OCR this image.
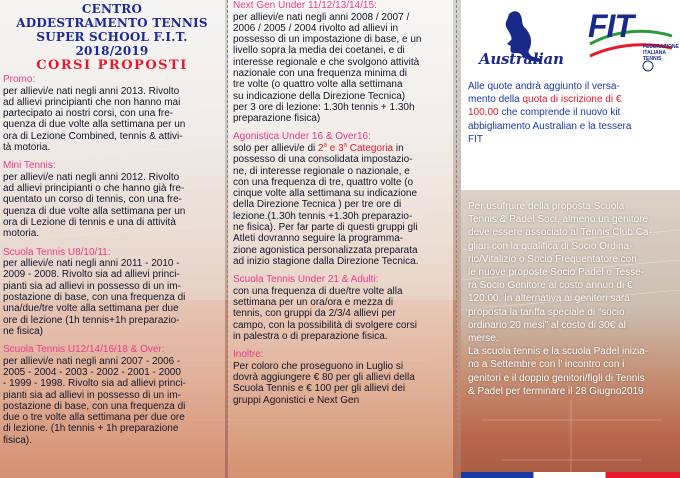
CENTRO
ADDESTRAMENTO TENNIS
SUPER SCHOOL F.I.T.
2018/2019
CORSI PROPOSTI
Promo:
per allievi/e nati negli anni 2013. Rivolto
ad allievi principianti che non hanno mai
partecipato ai nostri corsi, con una fre-
quenza di due volte alla settimana per un
ora di Lezione Combined, tennis & attivi-
tà motoria.
Mini Tennis:
per allievi/e nati negli anni 2012. Rivolto
ad allievi principianti o che hanno già fre-
quentato un corso di tennis, con una fre-
quenza di due volte alla settimana per un
ora di Lezione di tennis e una di attività
motoria.
Scuola Tennis U8/10/11:
per allievi/e nati negli anni 2011 - 2010 -
2009 - 2008. Rivolto sia ad allievi princi-
pianti sia ad allievi in possesso di un im-
postazione di base, con una frequenza di
una/due/tre volte alla settimana per due
ore di lezione (1h tennis+1h preparazio-
ne fisica)
Scuola Tennis U12/14/16/18 & Over:
per allievi/e nati negli anni 2007 - 2006 -
2005 - 2004 - 2003 - 2002 - 2001 - 2000
- 1999 - 1998. Rivolto sia ad allievi princi-
pianti sia ad allievi in possesso di un im-
postazione di base, con una frequenza di
due o tre volte alla settimana per due ore
di lezione. (1h tennis + 1h preparazione
fisica).
Next Gen Under 11/12/13/14/15:
per allievi/e nati negli anni 2008 / 2007 /
2006 / 2005 / 2004 rivolto ad allievi in
possesso di un impostazione di base, e un
livello sopra la media dei coetanei, e di
interesse regionale e che svolgono attività
nazionale con una frequenza minima di
tre volte (o quattro volte alla settimana
su indicazione della Direzione Tecnica)
per 3 ore di lezione: 1.30h tennis + 1.30h
preparazione fisica)
Agonistica Under 16 & Over16:
solo per allievi/e di 2$^a$ e 3$^a$ Categoria in
possesso di una consolidata impostazio-
ne, di interesse regionale o nazionale, e
con una frequenza di tre, quattro volte (o
cinque volte alla settimana su indicazione
della Direzione Tecnica ) per tre ore di
lezione.(1.30h tennis +1.30h preparazio-
ne fisica). Per far parte di questi gruppi gli
Atleti dovranno seguire la programma-
zione agonistica personalizzata preparata
ad inizio stagione dalla Direzione Tecnica.
Scuola Tennis Under 21 & Adulti:
con una frequenza di due/tre volte alla
settimana per un ora/ora e mezza di
tennis, con gruppi da 2/3/4 allievi per
campo, con la possibilità di svolgere corsi
in palestra o di preparazione fisica.
Inoltre:
Per coloro che proseguono in Luglio si
dovrà aggiungere € 80 per gli allievi della
Scuola Tennis e € 100 per gli allievi dei
gruppi Agonistici e Next Gen
Australian
FIT
FEDERAZIONE
ITALIANA
TENNIS
Alle quote andrà aggiunto il versa-
mento della quota di iscrizione di €
100,00 che comprende il nuovo kit
abbigliamento Australian e la tessera
FIT
Per usufruire della proposta Scuola
Tennis & Padel Soci, almeno un genitore
deve essere associato al Tennis Club Ca-
gliari con la qualifica di Socio Ordina-
rio/Vitalizio o Socio Frequentatore con
le nuove proposte Socio Padel o Tesse-
ra Socio Genitore al costo annuo di €
120,00. In alternativa ai genitori sarà
proposta la tariffa speciale di “socio
ordinario 20 mesi” al costo di 30€ al
merse.
La scuola tennis e la scuola Padel inizia-
no a Settembre con l’ incontro con i
genitori e il doppio genitori/figli di Tennis
& Padel per terminare il 28 Giugno2019
